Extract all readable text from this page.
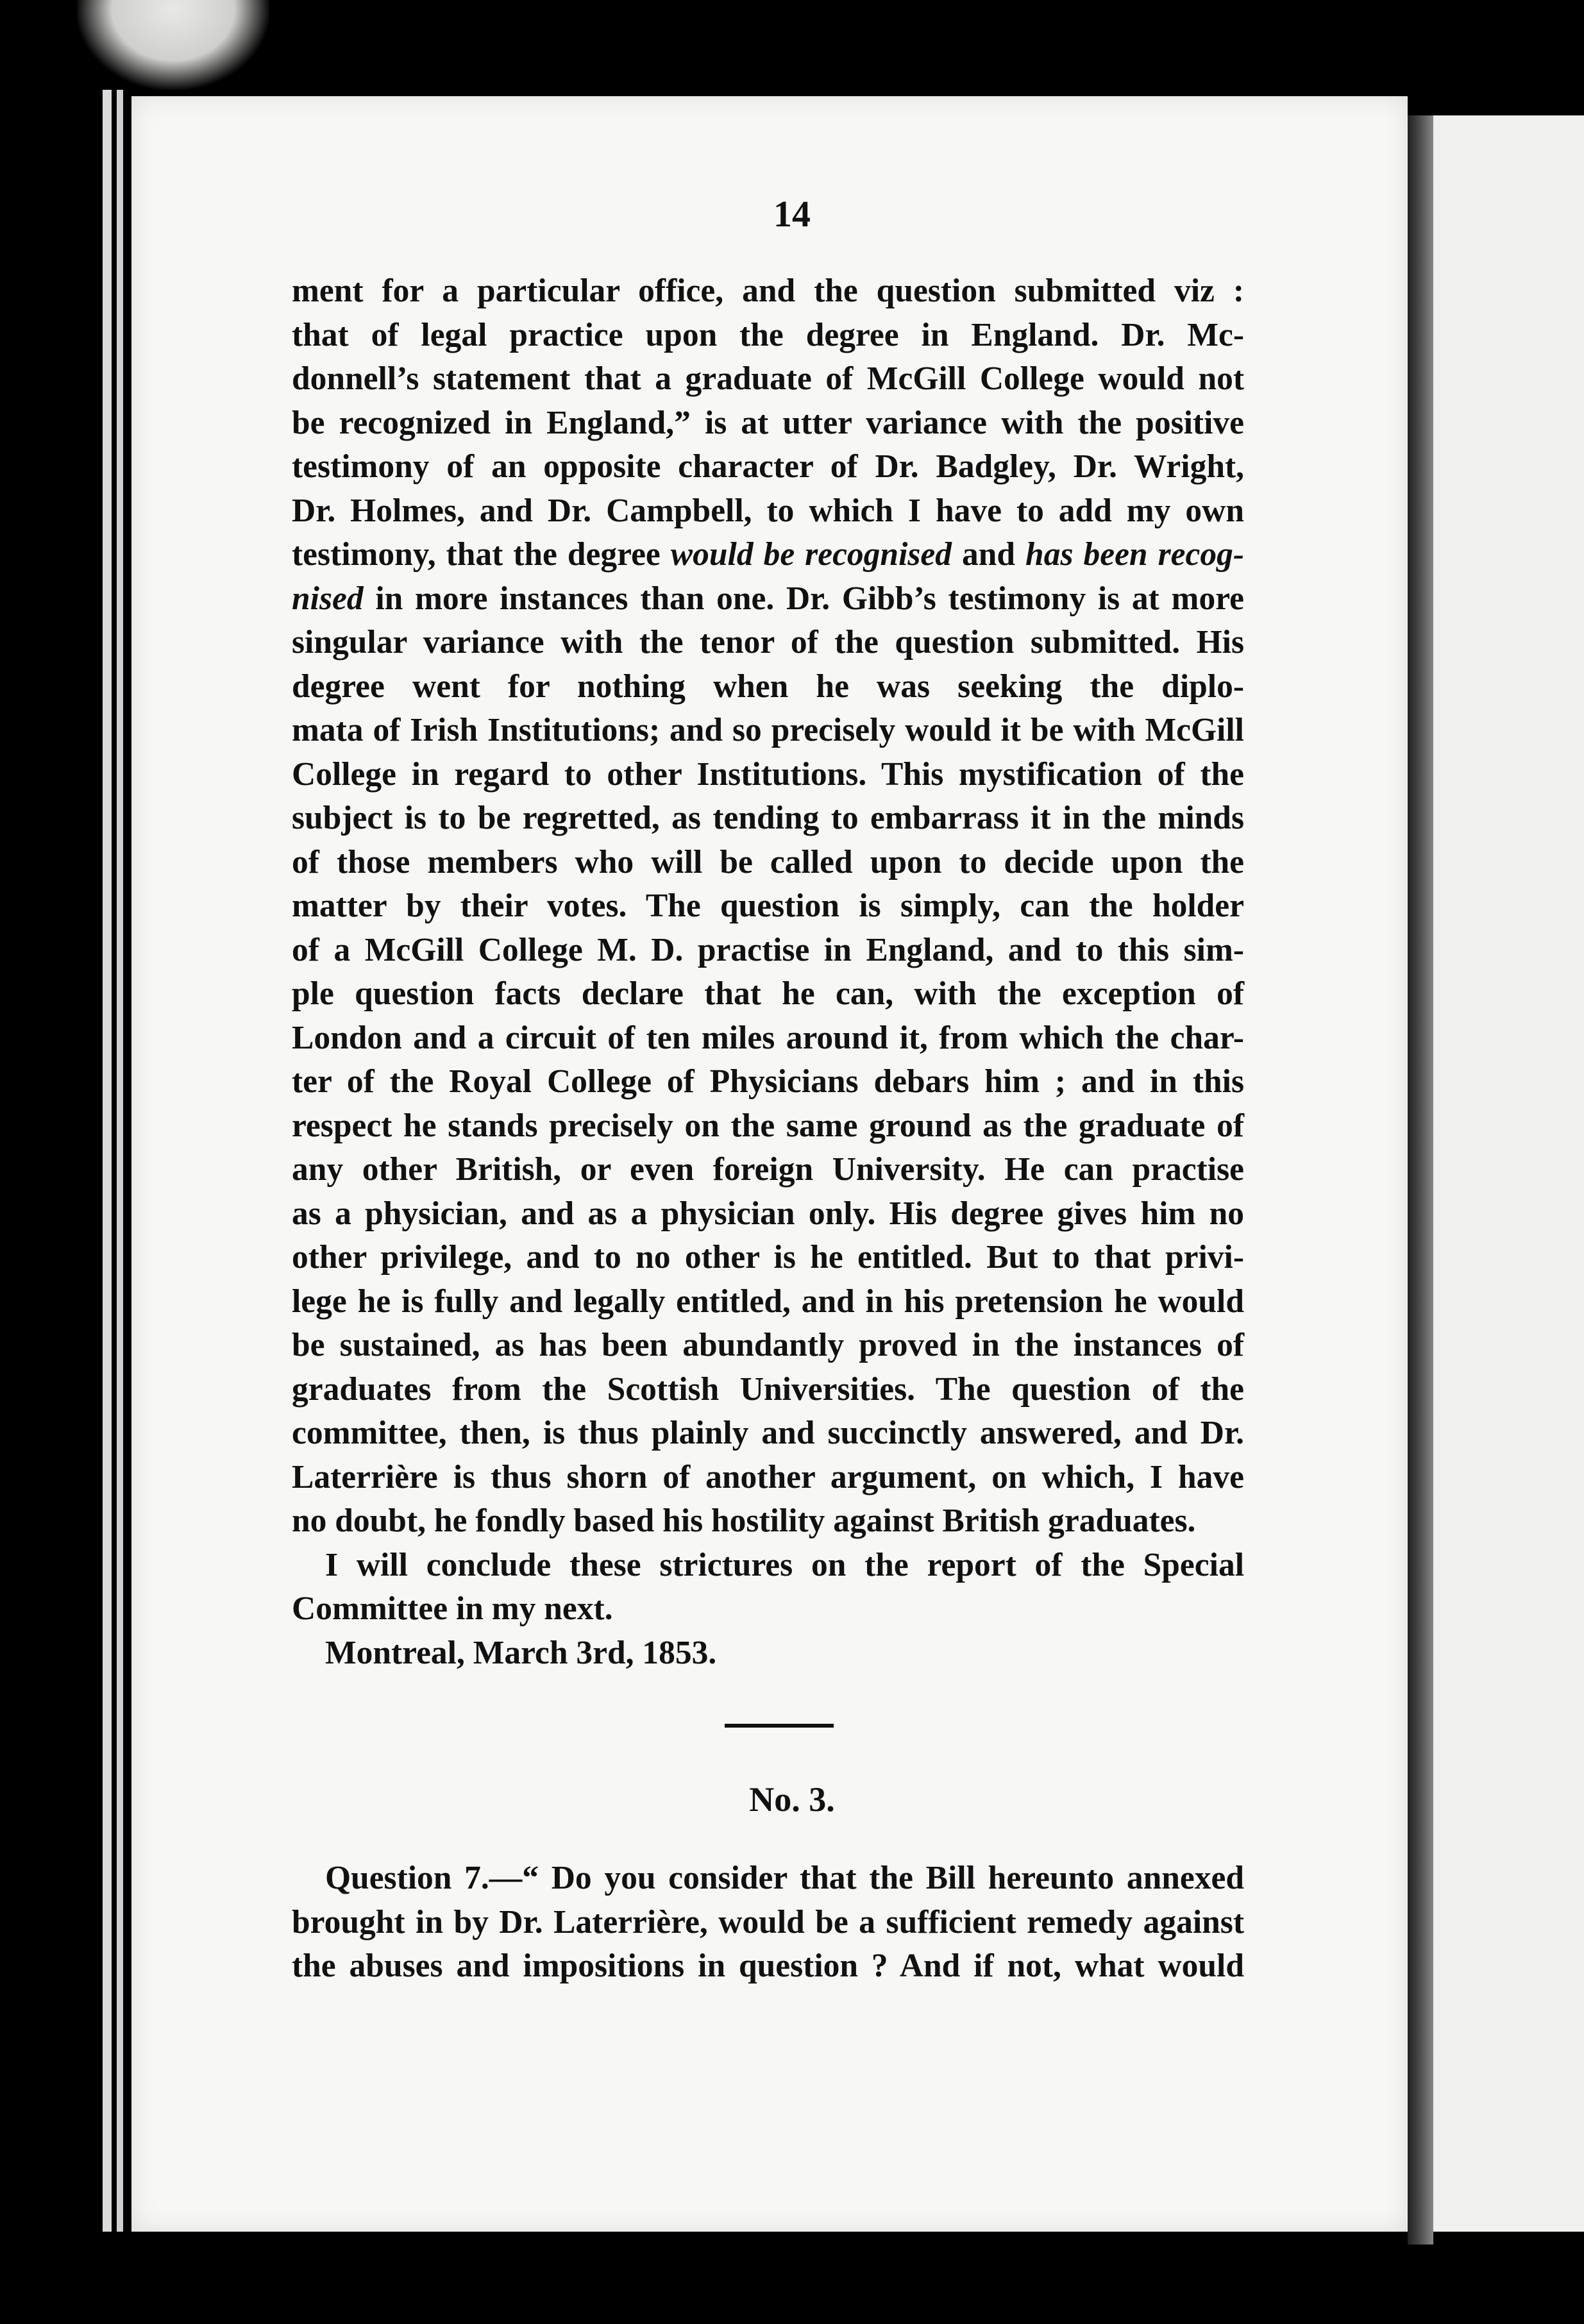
14
ment for a particular office, and the question submitted viz :
that of legal practice upon the degree in England. Dr. Mc-
donnell’s statement that a graduate of McGill College would not
be recognized in England,” is at utter variance with the positive
testimony of an opposite character of Dr. Badgley, Dr. Wright,
Dr. Holmes, and Dr. Campbell, to which I have to add my own
testimony, that the degree would be recognised and has been recog-
nised in more instances than one. Dr. Gibb’s testimony is at more
singular variance with the tenor of the question submitted. His
degree went for nothing when he was seeking the diplo-
mata of Irish Institutions; and so precisely would it be with McGill
College in regard to other Institutions. This mystification of the
subject is to be regretted, as tending to embarrass it in the minds
of those members who will be called upon to decide upon the
matter by their votes. The question is simply, can the holder
of a McGill College M. D. practise in England, and to this sim-
ple question facts declare that he can, with the exception of
London and a circuit of ten miles around it, from which the char-
ter of the Royal College of Physicians debars him ; and in this
respect he stands precisely on the same ground as the graduate of
any other British, or even foreign University. He can practise
as a physician, and as a physician only. His degree gives him no
other privilege, and to no other is he entitled. But to that privi-
lege he is fully and legally entitled, and in his pretension he would
be sustained, as has been abundantly proved in the instances of
graduates from the Scottish Universities. The question of the
committee, then, is thus plainly and succinctly answered, and Dr.
Laterrière is thus shorn of another argument, on which, I have
no doubt, he fondly based his hostility against British graduates.
I will conclude these strictures on the report of the Special
Committee in my next.
Montreal, March 3rd, 1853.
No. 3.
Question 7.—“ Do you consider that the Bill hereunto annexed
brought in by Dr. Laterrière, would be a sufficient remedy against
the abuses and impositions in question ? And if not, what would
